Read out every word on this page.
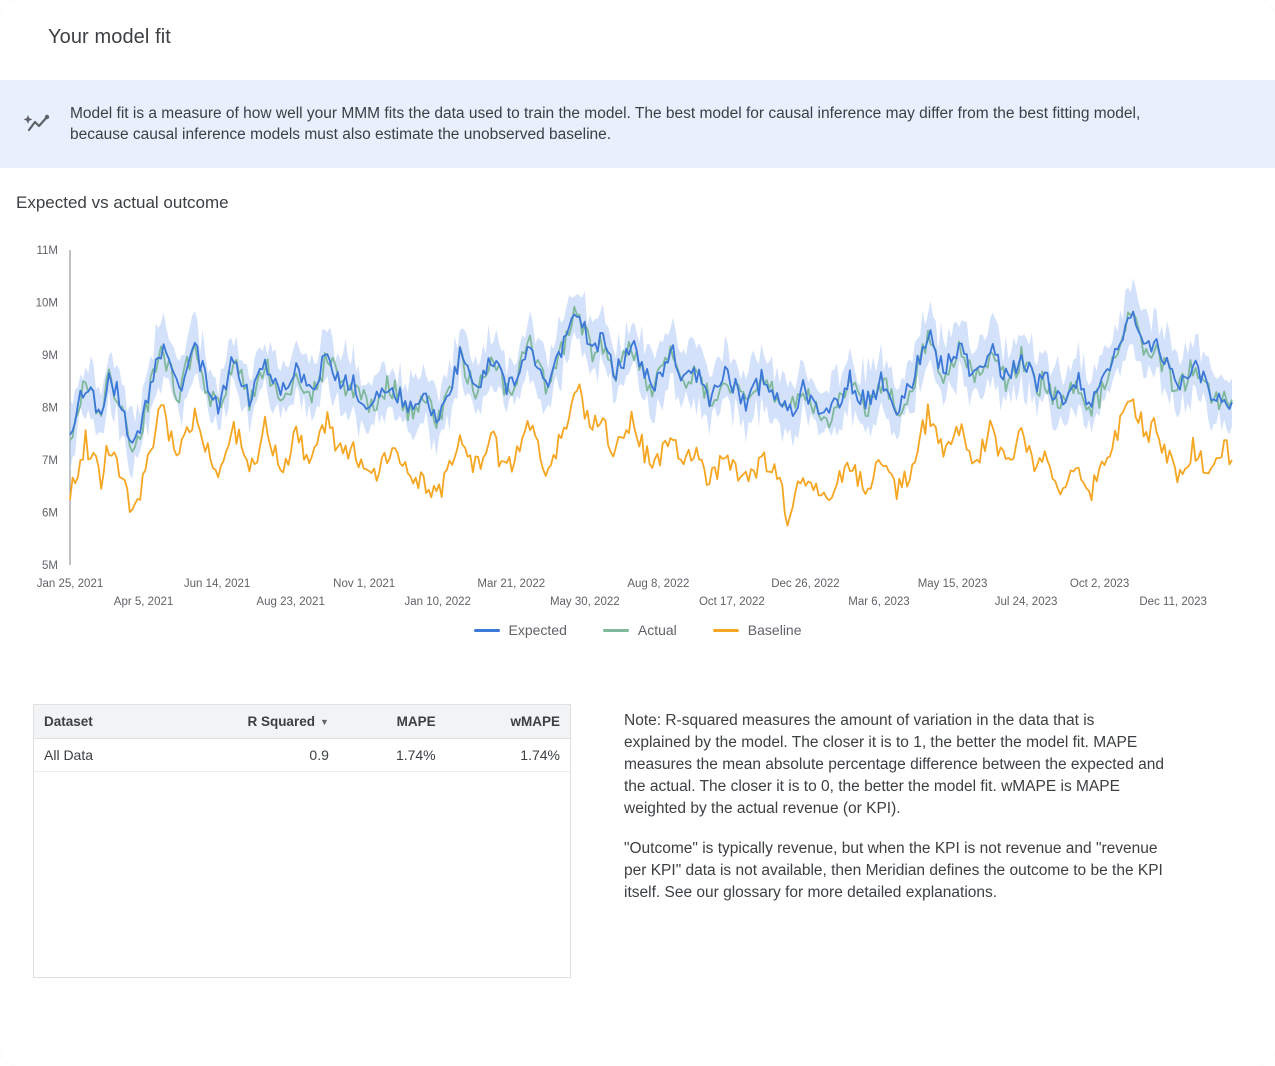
Your model fit
Model fit is a measure of how well your MMM fits the data used to train the model. The best model for causal inference may differ from the best fitting model, because causal inference models must also estimate the unobserved baseline.
Expected vs actual outcome
5M
6M
7M
8M
9M
10M
11M
Jan 25, 2021
Apr 5, 2021
Jun 14, 2021
Aug 23, 2021
Nov 1, 2021
Jan 10, 2022
Mar 21, 2022
May 30, 2022
Aug 8, 2022
Oct 17, 2022
Dec 26, 2022
Mar 6, 2023
May 15, 2023
Jul 24, 2023
Oct 2, 2023
Dec 11, 2023
Expected	Actual	Baseline
Dataset	R Squared ▼	MAPE	wMAPE
All Data	0.9	1.74%	1.74%

Note: R-squared measures the amount of variation in the data that is explained by the model. The closer it is to 1, the better the model fit. MAPE measures the mean absolute percentage difference between the expected and the actual. The closer it is to 0, the better the model fit. wMAPE is MAPE weighted by the actual revenue (or KPI).

"Outcome" is typically revenue, but when the KPI is not revenue and "revenue per KPI" data is not available, then Meridian defines the outcome to be the KPI itself. See our glossary for more detailed explanations.
